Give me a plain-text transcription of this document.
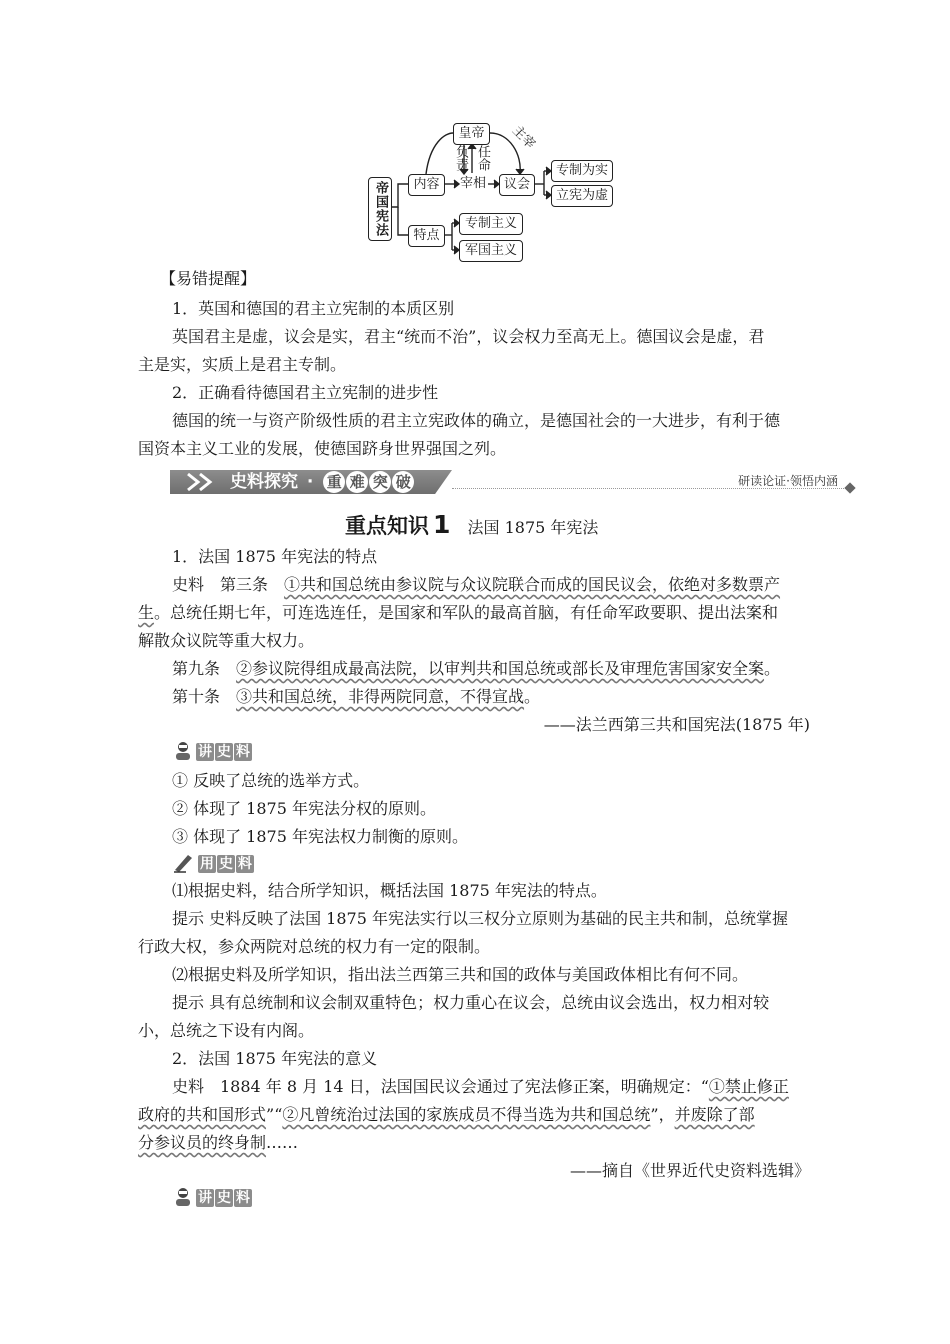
帝国宪法	内容
皇帝
负责 任命
主宰
宰相	议会
专制为实
立宪为虚
特点
专制主义
军国主义
【易错提醒】
1．英国和德国的君主立宪制的本质区别
英国君主是虚，议会是实，君主“统而不治”，议会权力至高无上。德国议会是虚，君
主是实，实质上是君主专制。
2．正确看待德国君主立宪制的进步性
德国的统一与资产阶级性质的君主立宪政体的确立，是德国社会的一大进步，有利于德
国资本主义工业的发展，使德国跻身世界强国之列。
史料探究 · 重 难 突 破	研读论证·领悟内涵
重点知识 1 法国 1875 年宪法
1．法国 1875 年宪法的特点
史料　第三条　①共和国总统由参议院与众议院联合而成的国民议会，依绝对多数票产
生。总统任期七年，可连选连任，是国家和军队的最高首脑，有任命军政要职、提出法案和
解散众议院等重大权力。
第九条　②参议院得组成最高法院，以审判共和国总统或部长及审理危害国家安全案。
第十条　③共和国总统，非得两院同意，不得宣战。
——法兰西第三共和国宪法(1875 年)
讲 史 料
① 反映了总统的选举方式。
② 体现了 1875 年宪法分权的原则。
③ 体现了 1875 年宪法权力制衡的原则。
用 史 料
⑴根据史料，结合所学知识，概括法国 1875 年宪法的特点。
提示 史料反映了法国 1875 年宪法实行以三权分立原则为基础的民主共和制，总统掌握
行政大权，参众两院对总统的权力有一定的限制。
⑵根据史料及所学知识，指出法兰西第三共和国的政体与美国政体相比有何不同。
提示 具有总统制和议会制双重特色；权力重心在议会，总统由议会选出，权力相对较
小，总统之下设有内阁。
2．法国 1875 年宪法的意义
史料　1884 年 8 月 14 日，法国国民议会通过了宪法修正案，明确规定：“①禁止修正
政府的共和国形式”“②凡曾统治过法国的家族成员不得当选为共和国总统”，并废除了部
分参议员的终身制……
——摘自《世界近代史资料选辑》
讲 史 料
